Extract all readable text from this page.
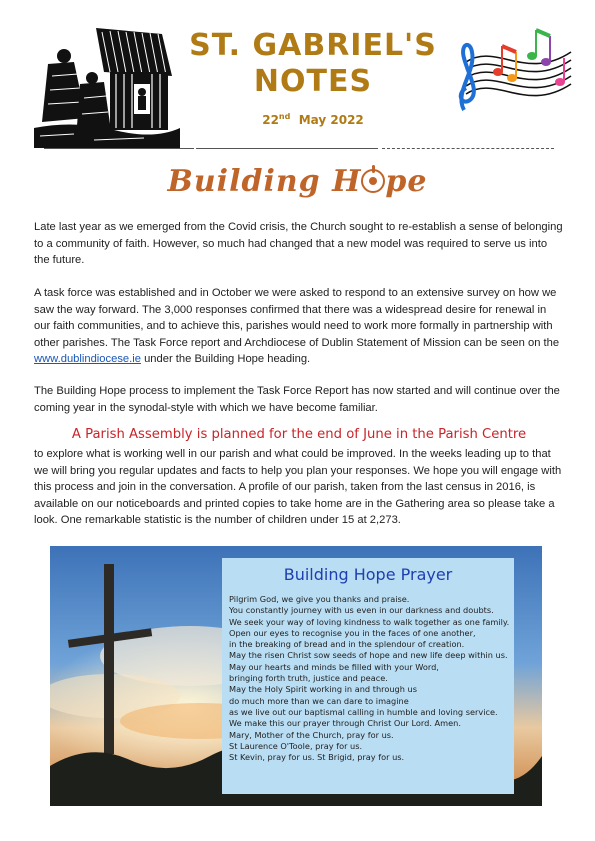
ST. GABRIEL'S
NOTES
22nd May 2022
Building H pe
Late last year as we emerged from the Covid crisis, the Church sought to re-establish a sense of belonging to a community of faith. However, so much had changed that a new model was required to serve us into the future.
A task force was established and in October we were asked to respond to an extensive survey on how we saw the way forward. The 3,000 responses confirmed that there was a widespread desire for renewal in our faith communities, and to achieve this, parishes would need to work more formally in partnership with other parishes. The Task Force report and Archdiocese of Dublin Statement of Mission can be seen on the www.dublindiocese.ie under the Building Hope heading.
The Building Hope process to implement the Task Force Report has now started and will continue over the coming year in the synodal-style with which we have become familiar.
A Parish Assembly is planned for the end of June in the Parish Centre
to explore what is working well in our parish and what could be improved. In the weeks leading up to that we will bring you regular updates and facts to help you plan your responses. We hope you will engage with this process and join in the conversation. A profile of our parish, taken from the last census in 2016, is available on our noticeboards and printed copies to take home are in the Gathering area so please take a look. One remarkable statistic is the number of children under 15 at 2,273.
Building Hope Prayer
Pilgrim God, we give you thanks and praise.
You constantly journey with us even in our darkness and doubts.
We seek your way of loving kindness to walk together as one family.
Open our eyes to recognise you in the faces of one another,
in the breaking of bread and in the splendour of creation.
May the risen Christ sow seeds of hope and new life deep within us.
May our hearts and minds be filled with your Word,
bringing forth truth, justice and peace.
May the Holy Spirit working in and through us
do much more than we can dare to imagine
as we live out our baptismal calling in humble and loving service.
We make this our prayer through Christ Our Lord. Amen.
Mary, Mother of the Church, pray for us.
St Laurence O'Toole, pray for us.
St Kevin, pray for us. St Brigid, pray for us.
